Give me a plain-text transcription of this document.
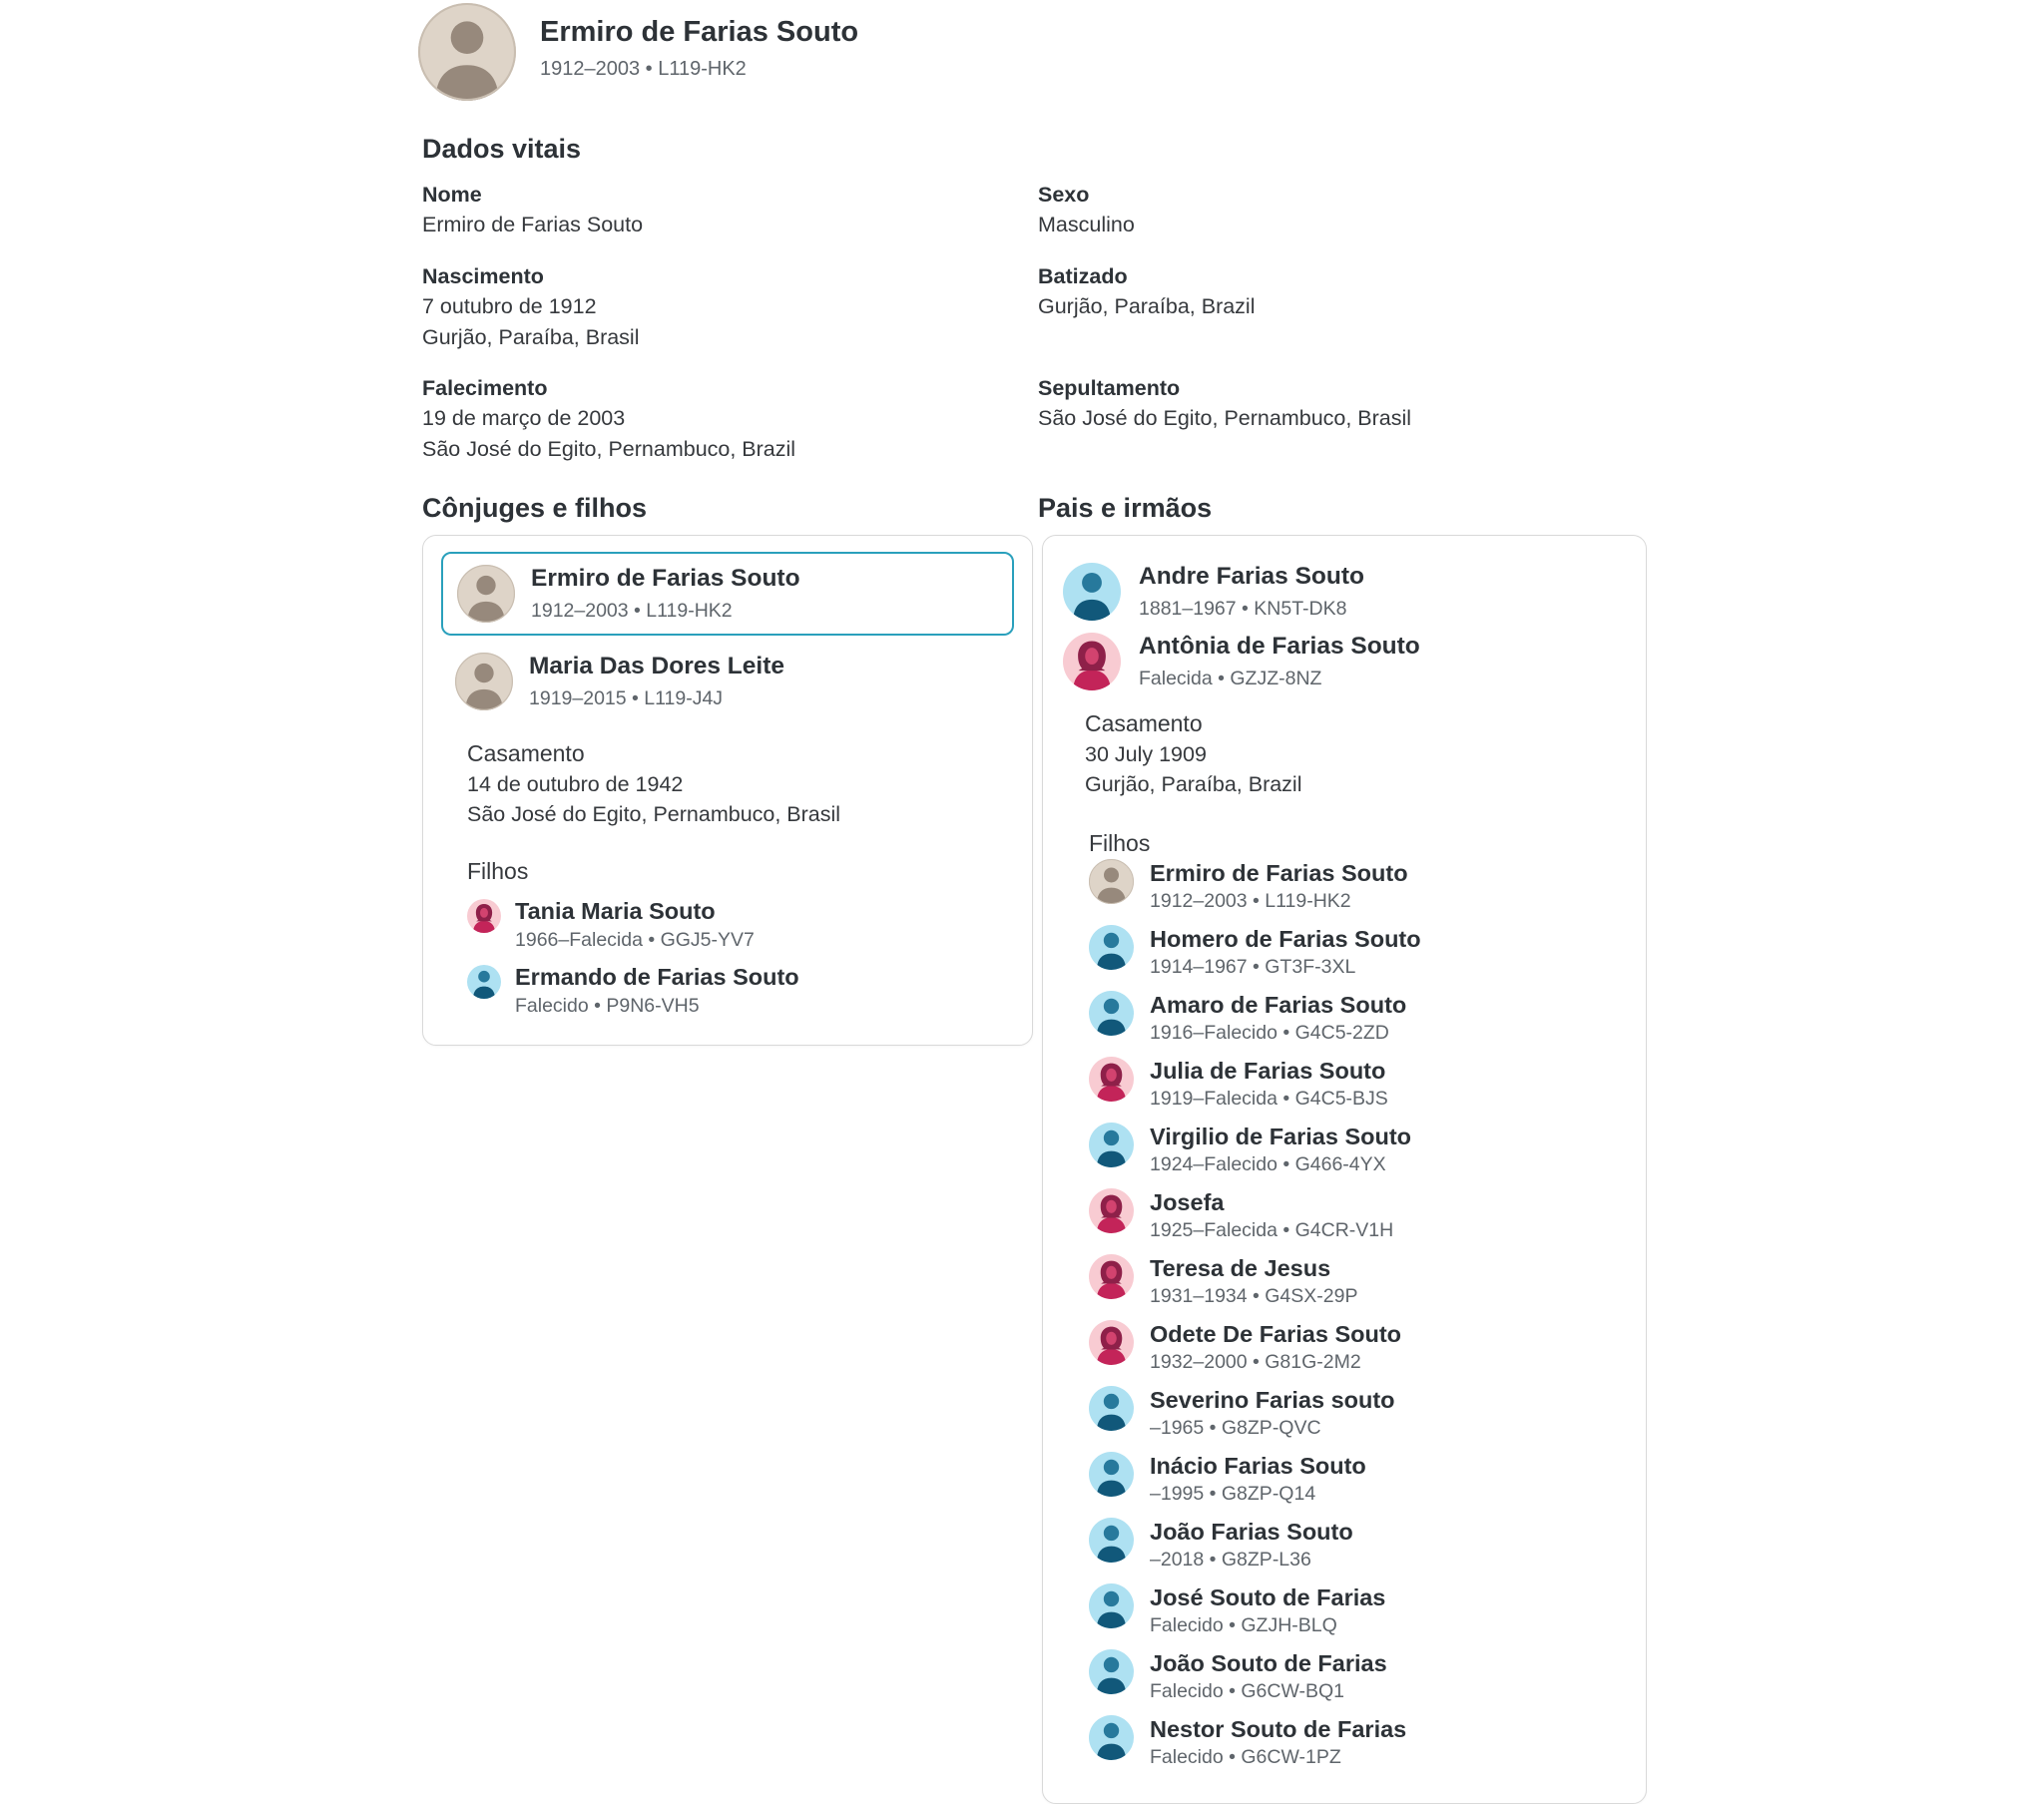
Ermiro de Farias Souto
1912–2003 • L119-HK2
Dados vitais
Nome
Ermiro de Farias Souto
Nascimento
7 outubro de 1912
Gurjão, Paraíba, Brasil
Falecimento
19 de março de 2003
São José do Egito, Pernambuco, Brazil
Sexo
Masculino
Batizado
Gurjão, Paraíba, Brazil
Sepultamento
São José do Egito, Pernambuco, Brasil
Cônjuges e filhos	Pais e irmãos
Ermiro de Farias Souto
1912–2003 • L119-HK2
Maria Das Dores Leite
1919–2015 • L119-J4J
Casamento
14 de outubro de 1942
São José do Egito, Pernambuco, Brasil
Filhos
Tania Maria Souto
1966–Falecida • GGJ5-YV7
Ermando de Farias Souto
Falecido • P9N6-VH5
Andre Farias Souto
1881–1967 • KN5T-DK8
Antônia de Farias Souto
Falecida • GZJZ-8NZ
Casamento
30 July 1909
Gurjão, Paraíba, Brazil
Filhos
Ermiro de Farias Souto
1912–2003 • L119-HK2
Homero de Farias Souto
1914–1967 • GT3F-3XL
Amaro de Farias Souto
1916–Falecido • G4C5-2ZD
Julia de Farias Souto
1919–Falecida • G4C5-BJS
Virgilio de Farias Souto
1924–Falecido • G466-4YX
Josefa
1925–Falecida • G4CR-V1H
Teresa de Jesus
1931–1934 • G4SX-29P
Odete De Farias Souto
1932–2000 • G81G-2M2
Severino Farias souto
–1965 • G8ZP-QVC
Inácio Farias Souto
–1995 • G8ZP-Q14
João Farias Souto
–2018 • G8ZP-L36
José Souto de Farias
Falecido • GZJH-BLQ
João Souto de Farias
Falecido • G6CW-BQ1
Nestor Souto de Farias
Falecido • G6CW-1PZ
